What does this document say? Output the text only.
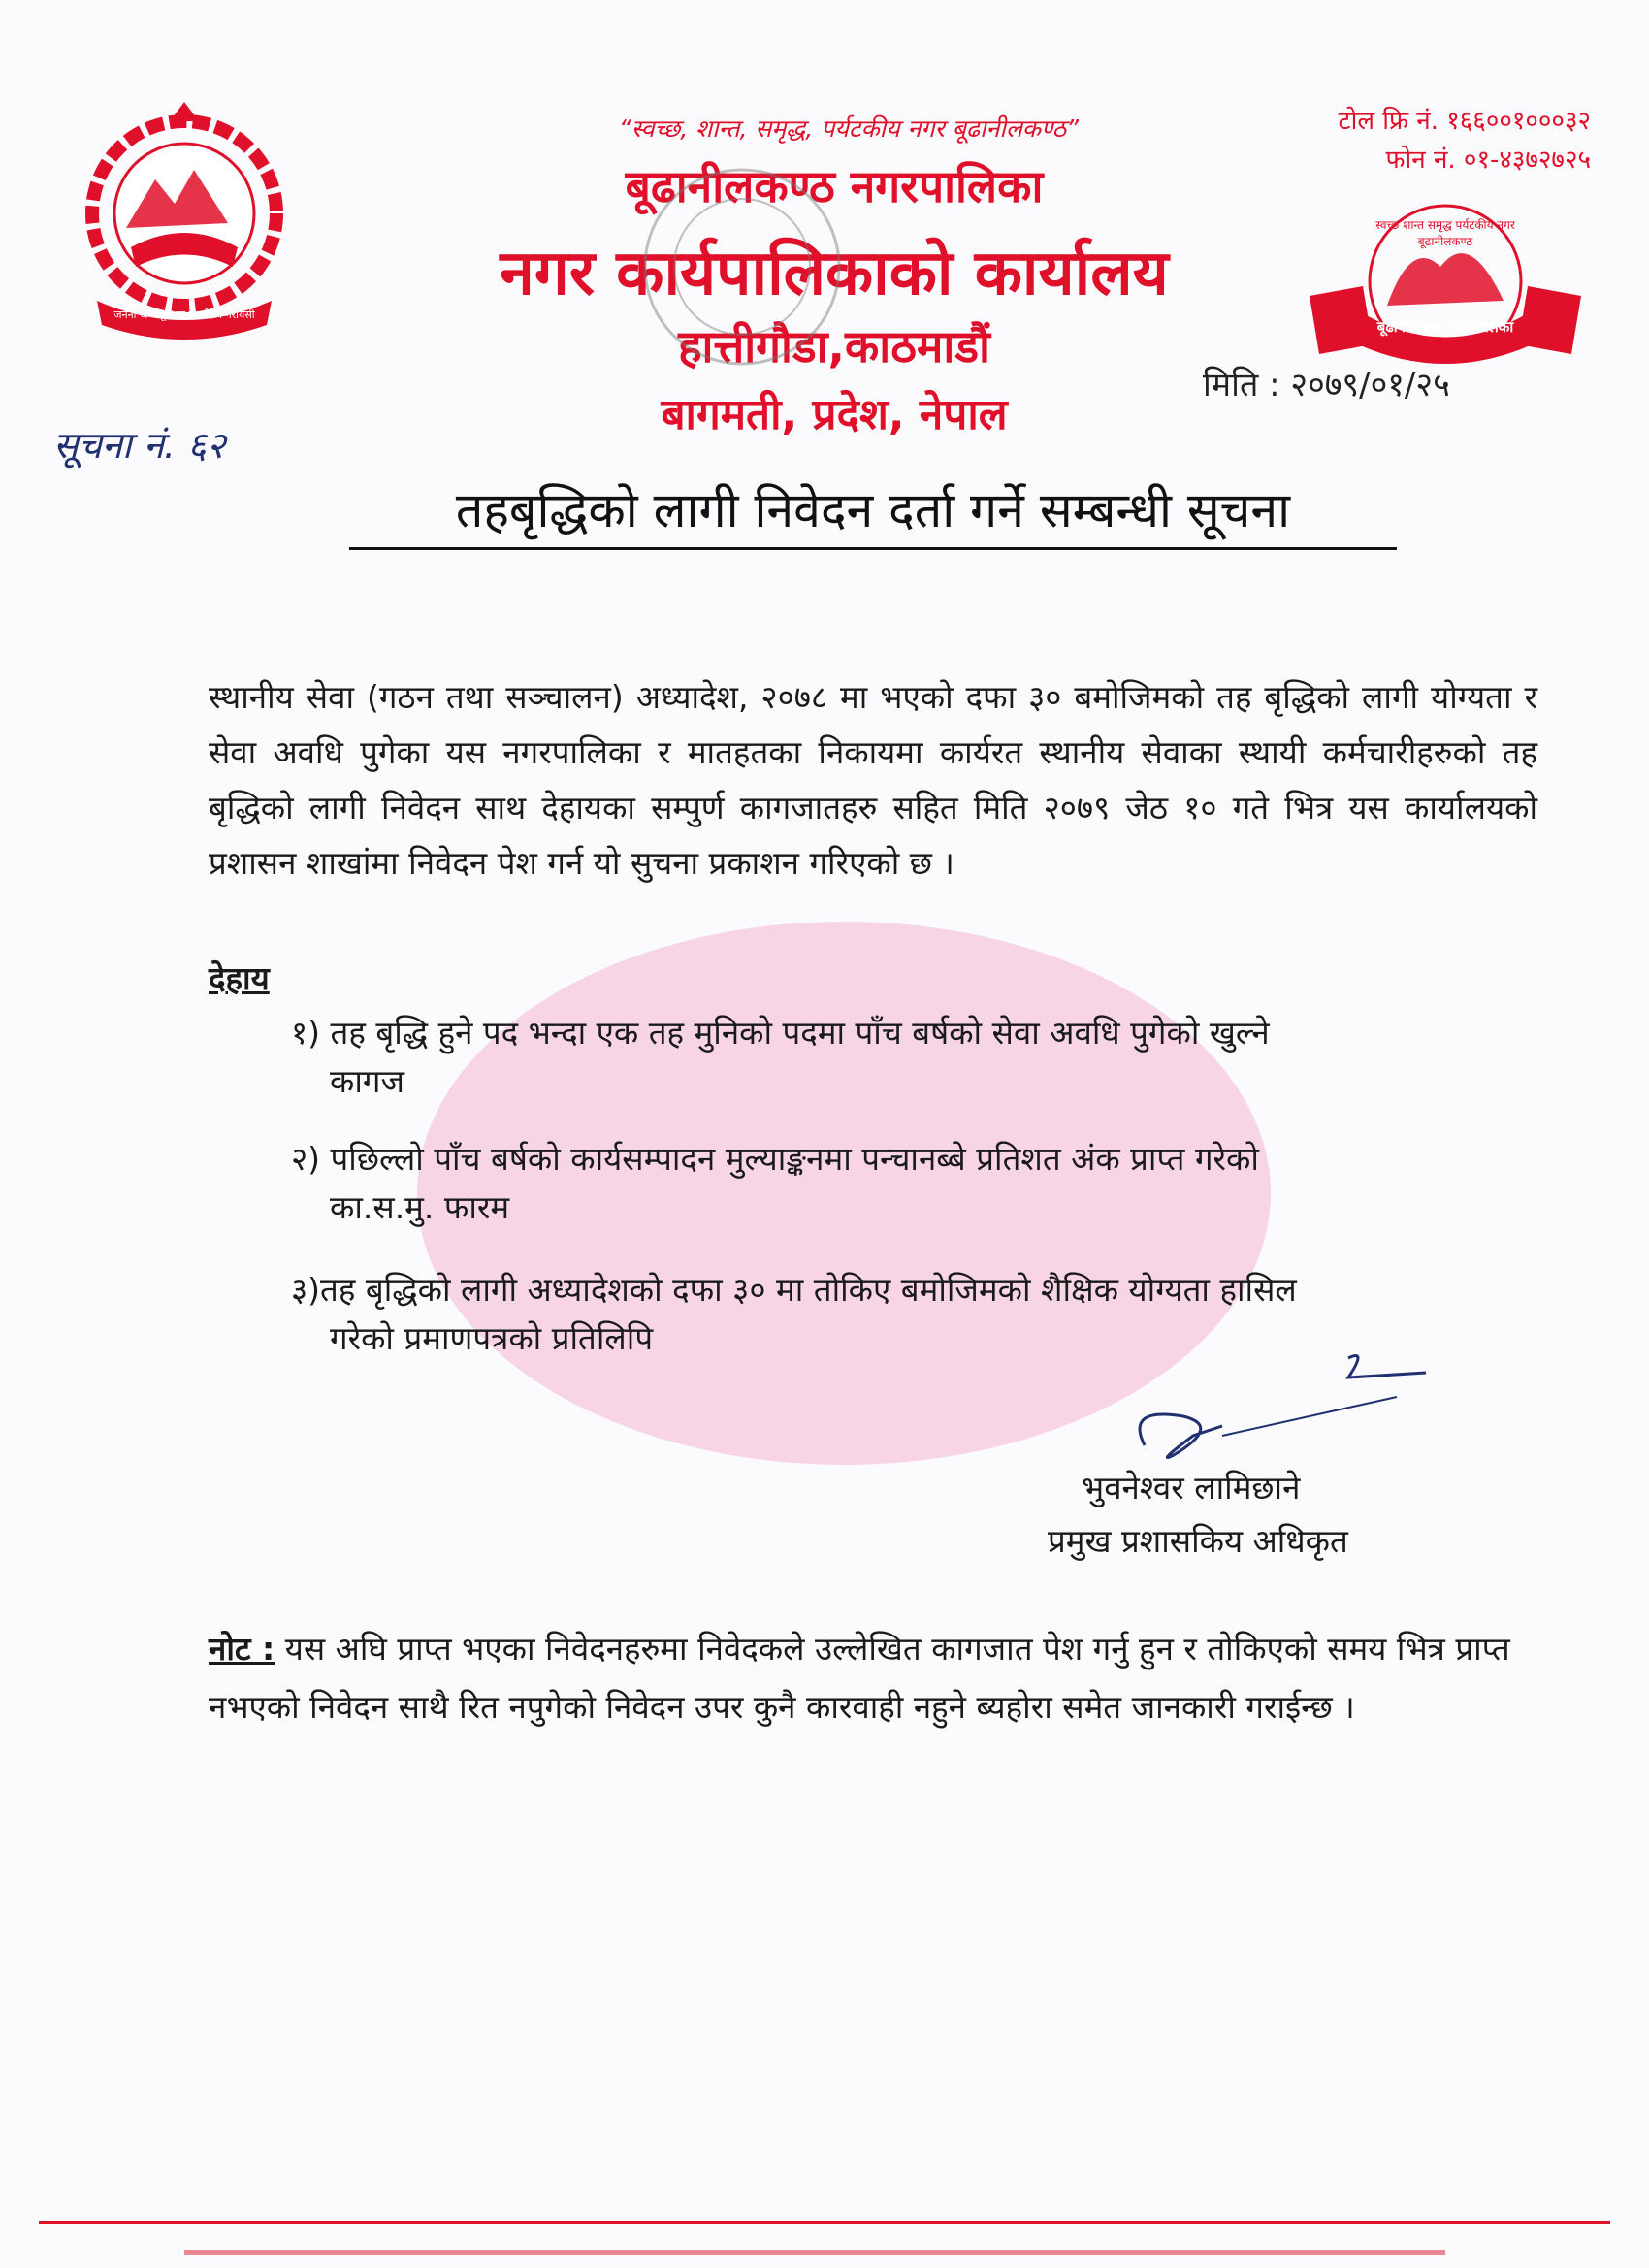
जननी जन्मभूमिश्च स्वर्गादपि गरीयसी
“स्वच्छ, शान्त, समृद्ध, पर्यटकीय नगर बूढानीलकण्ठ”
बूढानीलकण्ठ नगरपालिका
नगर कार्यपालिकाको कार्यालय
हात्तीगौडा,काठमाडौं
बागमती, प्रदेश, नेपाल
टोल फ्रि नं. १६६००१०००३२
फोन नं. ०१-४३७२७२५
स्वच्छ शान्त समृद्ध पर्यटकीय नगर बूढानीलकण्ठ
बूढानीलकण्ठ नगरपालिका
मिति : २०७९/०१/२५
सूचना नं. ६२
तहबृद्धिको लागी निवेदन दर्ता गर्ने सम्बन्धी सूचना
स्थानीय सेवा (गठन तथा सञ्चालन) अध्यादेश, २०७८ मा भएको दफा ३० बमोजिमको तह बृद्धिको लागी योग्यता र सेवा अवधि पुगेका यस नगरपालिका र मातहतका निकायमा कार्यरत स्थानीय सेवाका स्थायी कर्मचारीहरुको तह बृद्धिको लागी निवेदन साथ देहायका सम्पुर्ण कागजातहरु सहित मिति २०७९ जेठ १० गते भित्र यस कार्यालयको प्रशासन शाखांमा निवेदन पेश गर्न यो सुचना प्रकाशन गरिएको छ ।
देहाय
१) तह बृद्धि हुने पद भन्दा एक तह मुनिको पदमा पाँच बर्षको सेवा अवधि पुगेको खुल्ने
कागज
२) पछिल्लो पाँच बर्षको कार्यसम्पादन मुल्याङ्कनमा पन्चानब्बे प्रतिशत अंक प्राप्त गरेको
का.स.मु. फारम
३)तह बृद्धिको लागी अध्यादेशको दफा ३० मा तोकिए बमोजिमको शैक्षिक योग्यता हासिल
गरेको प्रमाणपत्रको प्रतिलिपि
भुवनेश्वर लामिछाने
प्रमुख प्रशासकिय अधिकृत
नोट : यस अघि प्राप्त भएका निवेदनहरुमा निवेदकले उल्लेखित कागजात पेश गर्नु हुन र तोकिएको समय भित्र प्राप्त नभएको निवेदन साथै रित नपुगेको निवेदन उपर कुनै कारवाही नहुने ब्यहोरा समेत जानकारी गराईन्छ ।
